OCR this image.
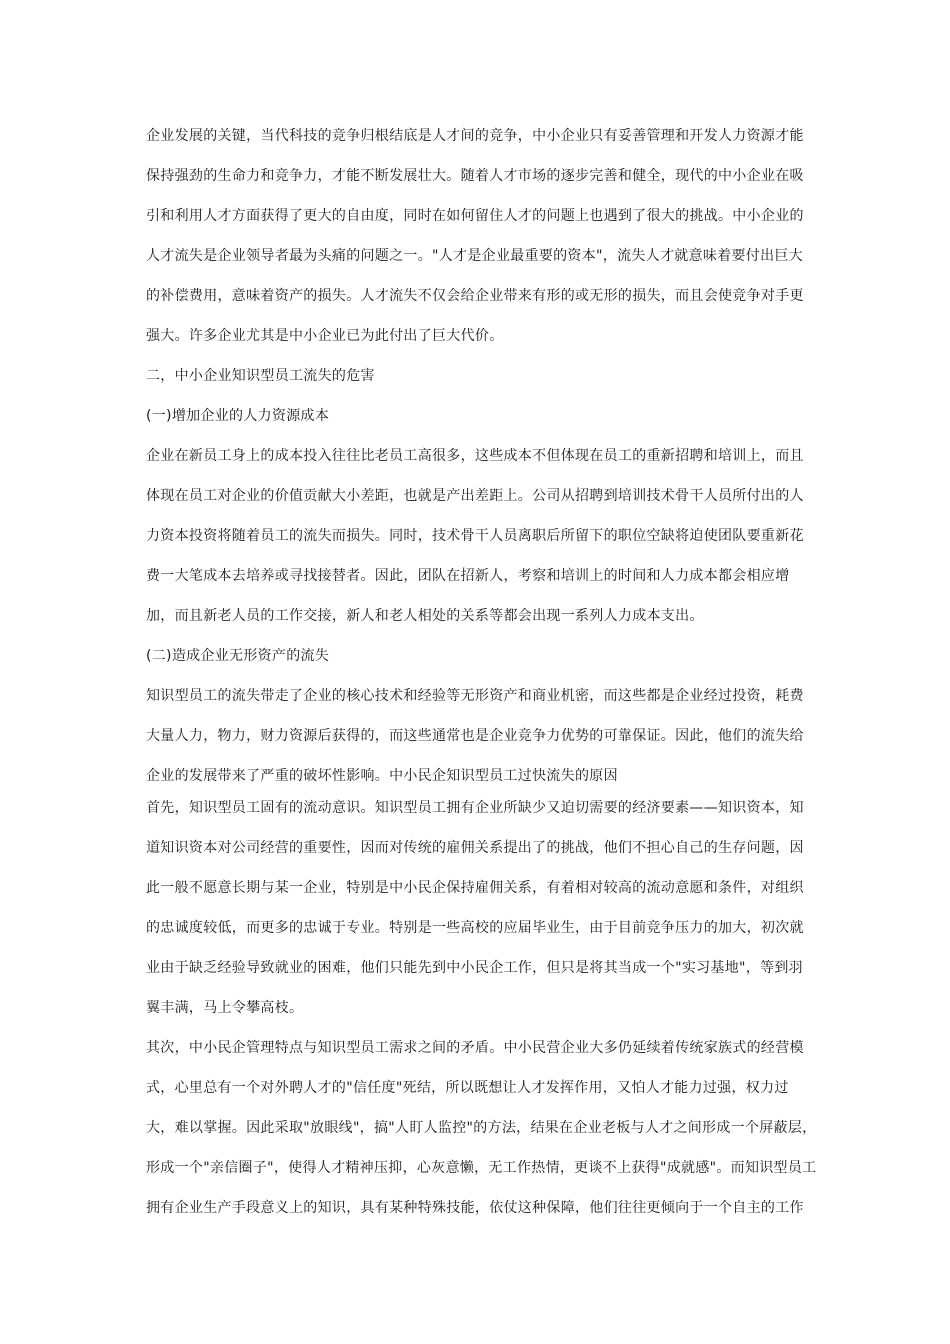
企业发展的关键，当代科技的竞争归根结底是人才间的竞争，中小企业只有妥善管理和开发人力资源才能
保持强劲的生命力和竞争力，才能不断发展壮大。随着人才市场的逐步完善和健全，现代的中小企业在吸
引和利用人才方面获得了更大的自由度，同时在如何留住人才的问题上也遇到了很大的挑战。中小企业的
人才流失是企业领导者最为头痛的问题之一。"人才是企业最重要的资本"，流失人才就意味着要付出巨大
的补偿费用，意味着资产的损失。人才流失不仅会给企业带来有形的或无形的损失，而且会使竞争对手更
强大。许多企业尤其是中小企业已为此付出了巨大代价。
二，中小企业知识型员工流失的危害
(一)增加企业的人力资源成本
企业在新员工身上的成本投入往往比老员工高很多，这些成本不但体现在员工的重新招聘和培训上，而且
体现在员工对企业的价值贡献大小差距，也就是产出差距上。公司从招聘到培训技术骨干人员所付出的人
力资本投资将随着员工的流失而损失。同时，技术骨干人员离职后所留下的职位空缺将迫使团队要重新花
费一大笔成本去培养或寻找接替者。因此，团队在招新人，考察和培训上的时间和人力成本都会相应增
加，而且新老人员的工作交接，新人和老人相处的关系等都会出现一系列人力成本支出。
(二)造成企业无形资产的流失
知识型员工的流失带走了企业的核心技术和经验等无形资产和商业机密，而这些都是企业经过投资，耗费
大量人力，物力，财力资源后获得的，而这些通常也是企业竞争力优势的可靠保证。因此，他们的流失给
企业的发展带来了严重的破坏性影响。中小民企知识型员工过快流失的原因
首先，知识型员工固有的流动意识。知识型员工拥有企业所缺少又迫切需要的经济要素——知识资本，知
道知识资本对公司经营的重要性，因而对传统的雇佣关系提出了的挑战，他们不担心自己的生存问题，因
此一般不愿意长期与某一企业，特别是中小民企保持雇佣关系，有着相对较高的流动意愿和条件，对组织
的忠诚度较低，而更多的忠诚于专业。特别是一些高校的应届毕业生，由于目前竞争压力的加大，初次就
业由于缺乏经验导致就业的困难，他们只能先到中小民企工作，但只是将其当成一个"实习基地"，等到羽
翼丰满，马上令攀高枝。
其次，中小民企管理特点与知识型员工需求之间的矛盾。中小民营企业大多仍延续着传统家族式的经营模
式，心里总有一个对外聘人才的"信任度"死结，所以既想让人才发挥作用，又怕人才能力过强，权力过
大，难以掌握。因此采取"放眼线"，搞"人盯人监控"的方法，结果在企业老板与人才之间形成一个屏蔽层，
形成一个"亲信圈子"，使得人才精神压抑，心灰意懒，无工作热情，更谈不上获得"成就感"。而知识型员工
拥有企业生产手段意义上的知识，具有某种特殊技能，依仗这种保障，他们往往更倾向于一个自主的工作
